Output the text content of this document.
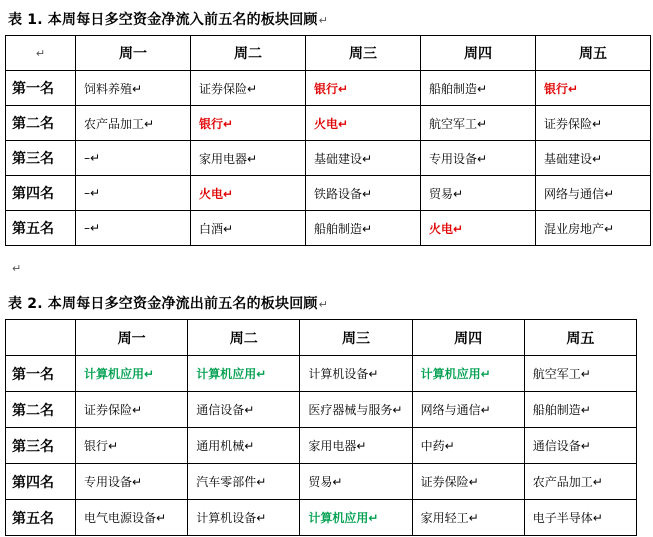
表 1. 本周每日多空资金净流入前五名的板块回顾↵
↵	周一	周二	周三	周四	周五
第一名	饲料养殖↵	证券保险↵	银行↵	船舶制造↵	银行↵
第二名	农产品加工↵	银行↵	火电↵	航空军工↵	证券保险↵
第三名	–↵	家用电器↵	基础建设↵	专用设备↵	基础建设↵
第四名	–↵	火电↵	铁路设备↵	贸易↵	网络与通信↵
第五名	–↵	白酒↵	船舶制造↵	火电↵	混业房地产↵
↵
表 2. 本周每日多空资金净流出前五名的板块回顾↵
	周一	周二	周三	周四	周五
第一名	计算机应用↵	计算机应用↵	计算机设备↵	计算机应用↵	航空军工↵
第二名	证券保险↵	通信设备↵	医疗器械与服务↵	网络与通信↵	船舶制造↵
第三名	银行↵	通用机械↵	家用电器↵	中药↵	通信设备↵
第四名	专用设备↵	汽车零部件↵	贸易↵	证券保险↵	农产品加工↵
第五名	电气电源设备↵	计算机设备↵	计算机应用↵	家用轻工↵	电子半导体↵
